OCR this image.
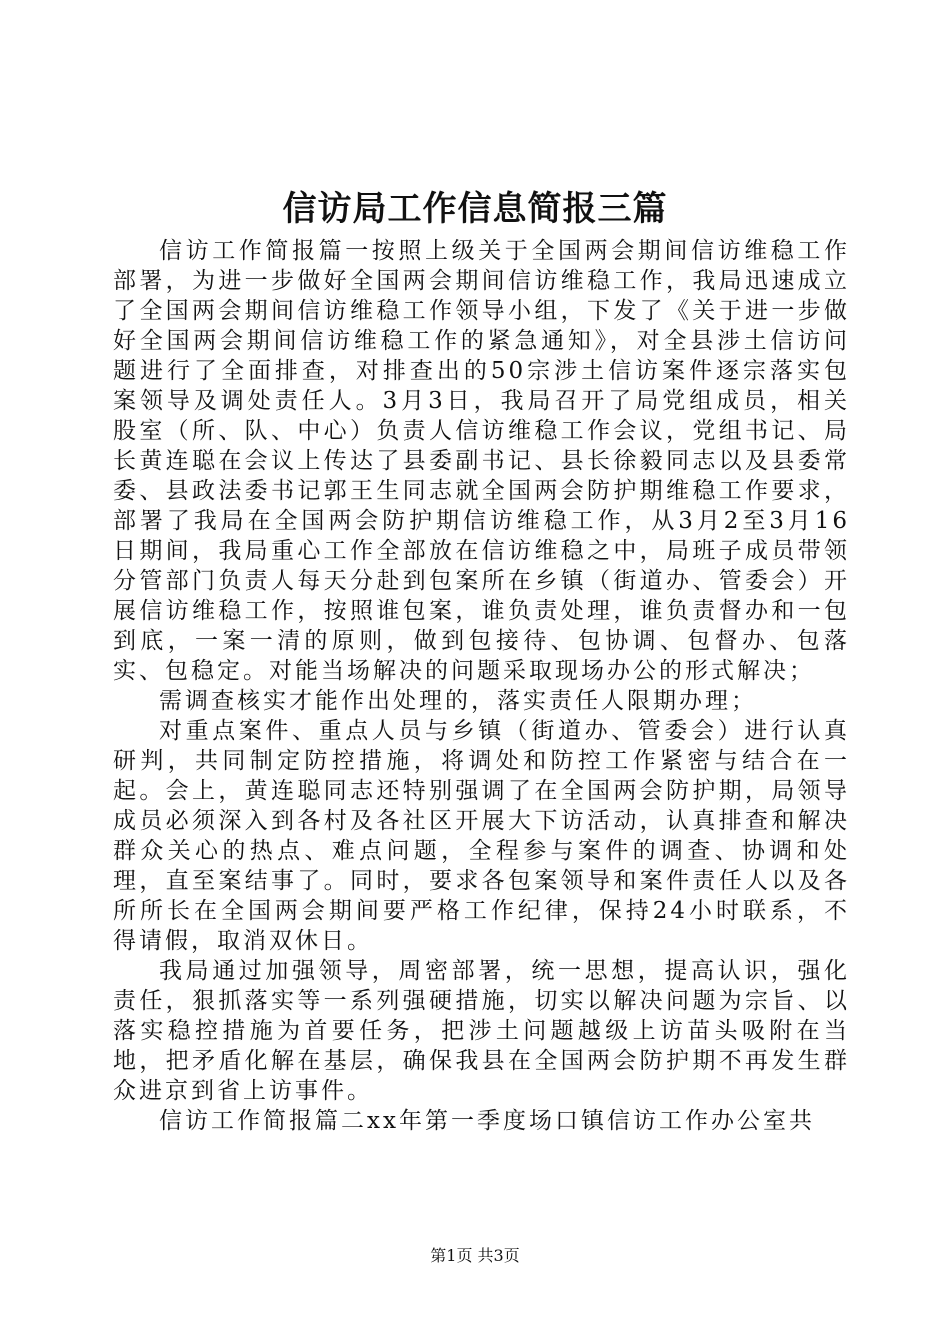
信访局工作信息简报三篇

信访工作简报篇一按照上级关于全国两会期间信访维稳工作部署，为进一步做好全国两会期间信访维稳工作，我局迅速成立了全国两会期间信访维稳工作领导小组，下发了《关于进一步做好全国两会期间信访维稳工作的紧急通知》，对全县涉土信访问题进行了全面排查，对排查出的50宗涉土信访案件逐宗落实包案领导及调处责任人。3月3日，我局召开了局党组成员，相关股室（所、队、中心）负责人信访维稳工作会议，党组书记、局长黄连聪在会议上传达了县委副书记、县长徐毅同志以及县委常委、县政法委书记郭王生同志就全国两会防护期维稳工作要求，部署了我局在全国两会防护期信访维稳工作，从3月2至3月16日期间，我局重心工作全部放在信访维稳之中，局班子成员带领分管部门负责人每天分赴到包案所在乡镇（街道办、管委会）开展信访维稳工作，按照谁包案，谁负责处理，谁负责督办和一包到底，一案一清的原则，做到包接待、包协调、包督办、包落实、包稳定。对能当场解决的问题采取现场办公的形式解决；

需调查核实才能作出处理的，落实责任人限期办理；

对重点案件、重点人员与乡镇（街道办、管委会）进行认真研判，共同制定防控措施，将调处和防控工作紧密与结合在一起。会上，黄连聪同志还特别强调了在全国两会防护期，局领导成员必须深入到各村及各社区开展大下访活动，认真排查和解决群众关心的热点、难点问题，全程参与案件的调查、协调和处理，直至案结事了。同时，要求各包案领导和案件责任人以及各所所长在全国两会期间要严格工作纪律，保持24小时联系，不得请假，取消双休日。

我局通过加强领导，周密部署，统一思想，提高认识，强化责任，狠抓落实等一系列强硬措施，切实以解决问题为宗旨、以落实稳控措施为首要任务，把涉土问题越级上访苗头吸附在当地，把矛盾化解在基层，确保我县在全国两会防护期不再发生群众进京到省上访事件。

信访工作简报篇二xx年第一季度场口镇信访工作办公室共

第1页 共3页
